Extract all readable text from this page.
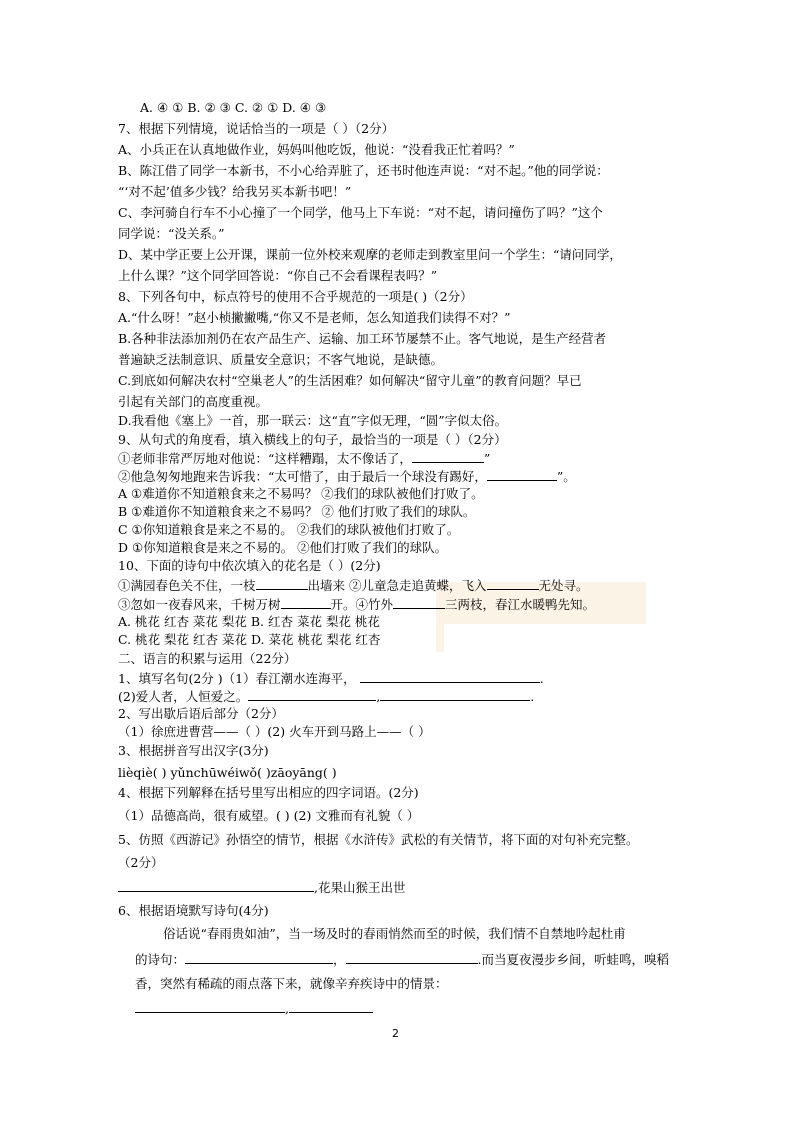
A. ④ ① B. ② ③ C. ② ① D. ④ ③
7、根据下列情境，说话恰当的一项是（ ）（2分）
A、小兵正在认真地做作业，妈妈叫他吃饭，他说：“没看我正忙着吗？”
B、陈江借了同学一本新书，不小心给弄脏了，还书时他连声说：“对不起。”他的同学说：
“‘对不起’值多少钱？给我另买本新书吧！”
C、李河骑自行车不小心撞了一个同学，他马上下车说：“对不起，请问撞伤了吗？”这个
同学说：“没关系。”
D、某中学正要上公开课，课前一位外校来观摩的老师走到教室里问一个学生：“请问同学，
上什么课？”这个同学回答说：“你自己不会看课程表吗？”
8、下列各句中，标点符号的使用不合乎规范的一项是( )（2分）
A.“什么呀！”赵小桢撇撇嘴,“你又不是老师，怎么知道我们读得不对？”
B.各种非法添加剂仍在农产品生产、运输、加工环节屡禁不止。客气地说，是生产经营者
普遍缺乏法制意识、质量安全意识；不客气地说，是缺德。
C.到底如何解决农村“空巢老人”的生活困难？如何解决“留守儿童”的教育问题？早已
引起有关部门的高度重视。
D.我看他《塞上》一首，那一联云：这“直”字似无理，“圆”字似太俗。
9、从句式的角度看，填入横线上的句子，最恰当的一项是（ ）（2分）
①老师非常严厉地对他说：“这样糟蹋，太不像话了，	”
②他急匆匆地跑来告诉我：“太可惜了，由于最后一个球没有踢好，	”。
A ①难道你不知道粮食来之不易吗？ ②我们的球队被他们打败了。
B ①难道你不知道粮食来之不易吗？ ② 他们打败了我们的球队。
C ①你知道粮食是来之不易的。 ②我们的球队被他们打败了。
D ①你知道粮食是来之不易的。 ②他们打败了我们的球队。
10、下面的诗句中依次填入的花名是（ ）(2分)
①满园春色关不住，一枝	出墙来 ②儿童急走追黄蝶，飞入	无处寻。
③忽如一夜春风来，千树万树	开。④竹外	三两枝，春江水暖鸭先知。
A. 桃花 红杏 菜花 梨花 B. 红杏 菜花 梨花 桃花
C. 桃花 梨花 红杏 菜花 D. 菜花 桃花 梨花 红杏
二、语言的积累与运用（22分）
1、填写名句(2分 )（1）春江潮水连海平，	.
(2)爱人者，人恒爱之。	,	.
2、写出歇后语后部分（2分）
（1）徐庶进曹营——（ ）(2) 火车开到马路上——（ ）
3、根据拼音写出汉字(3分)
lièqiè( ) yǔnchūwéiwǒ( )zāoyāng( )
4、根据下列解释在括号里写出相应的四字词语。(2分)
（1）品德高尚，很有威望。( ) (2) 文雅而有礼貌（ ）
5、仿照《西游记》孙悟空的情节，根据《水浒传》武松的有关情节，将下面的对句补充完整。
（2分）
,花果山猴王出世
6、根据语境默写诗句(4分)
俗话说“春雨贵如油”，当一场及时的春雨悄然而至的时候，我们情不自禁地吟起杜甫
的诗句：	，	.而当夏夜漫步乡间，听蛙鸣，嗅稻
香，突然有稀疏的雨点落下来，就像辛弃疾诗中的情景：
,
2
